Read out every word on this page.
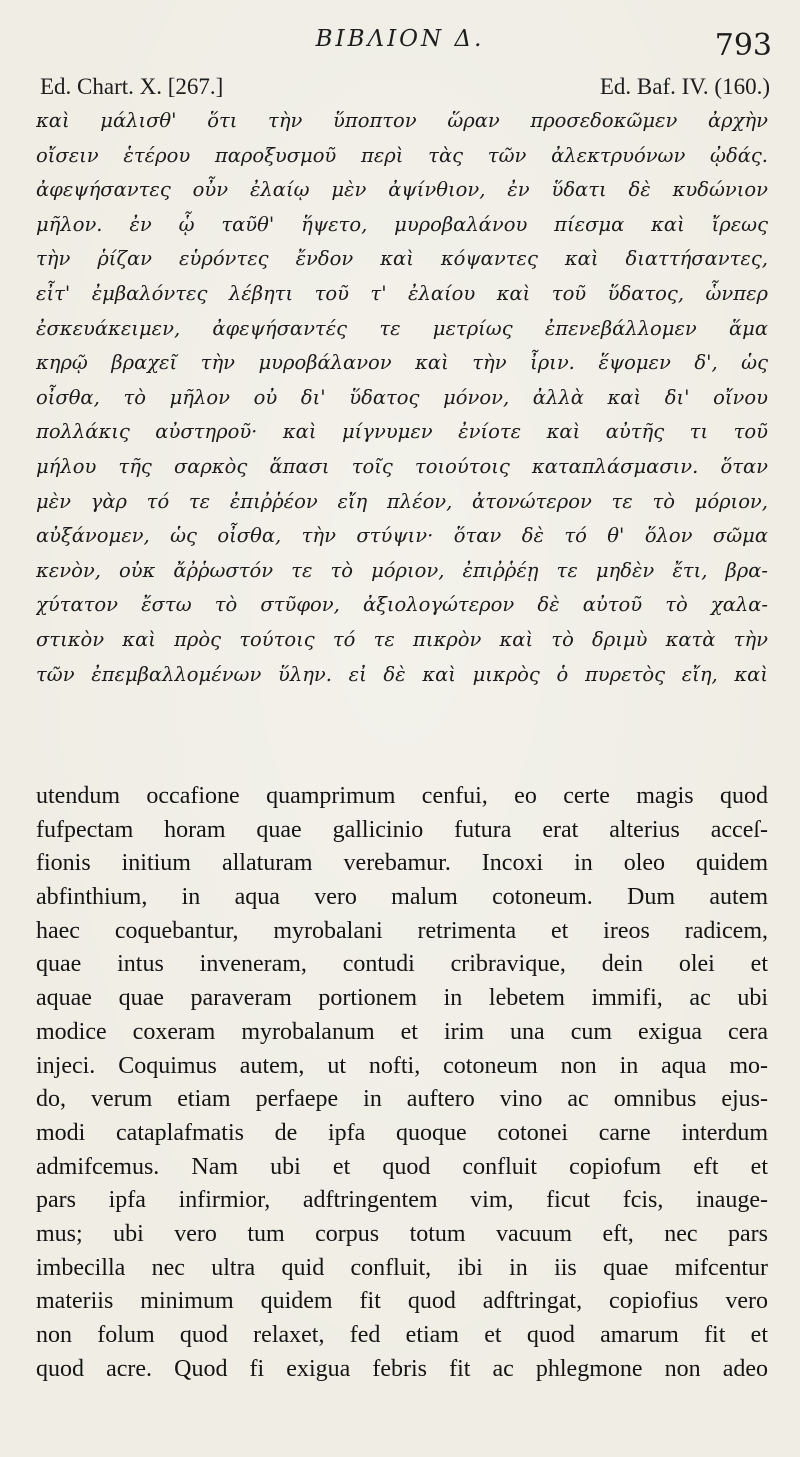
ΒΙΒΛΙΟΝ Δ.	793
Ed. Chart. X. [267.]	Ed. Baf. IV. (160.)
καὶ μάλισθ' ὅτι τὴν ὕποπτον ὥραν προσεδοκῶμεν ἀρχὴν
οἴσειν ἑτέρου παροξυσμοῦ περὶ τὰς τῶν ἀλεκτρυόνων ᾠδάς.
ἀφεψήσαντες οὖν ἐλαίῳ μὲν ἀψίνθιον, ἐν ὕδατι δὲ κυδώνιον
μῆλον. ἐν ᾧ ταῦθ' ἥψετο, μυροβαλάνου πίεσμα καὶ ἴρεως
τὴν ῥίζαν εὑρόντες ἔνδον καὶ κόψαντες καὶ διαττήσαντες,
εἶτ' ἐμβαλόντες λέβητι τοῦ τ' ἐλαίου καὶ τοῦ ὕδατος, ὧνπερ
ἐσκευάκειμεν, ἀφεψήσαντές τε μετρίως ἐπενεβάλλομεν ἅμα
κηρῷ βραχεῖ τὴν μυροβάλανον καὶ τὴν ἶριν. ἕψομεν δ', ὡς
οἶσθα, τὸ μῆλον οὐ δι' ὕδατος μόνον, ἀλλὰ καὶ δι' οἴνου
πολλάκις αὐστηροῦ· καὶ μίγνυμεν ἐνίοτε καὶ αὐτῆς τι τοῦ
μήλου τῆς σαρκὸς ἅπασι τοῖς τοιούτοις καταπλάσμασιν. ὅταν
μὲν γὰρ τό τε ἐπιῤῥέον εἴη πλέον, ἀτονώτερον τε τὸ μόριον,
αὐξάνομεν, ὡς οἶσθα, τὴν στύψιν· ὅταν δὲ τό θ' ὅλον σῶμα
κενὸν, οὐκ ἄῤῥωστόν τε τὸ μόριον, ἐπιῤῥέῃ τε μηδὲν ἔτι, βρα-
χύτατον ἔστω τὸ στῦφον, ἀξιολογώτερον δὲ αὐτοῦ τὸ χαλα-
στικὸν καὶ πρὸς τούτοις τό τε πικρὸν καὶ τὸ δριμὺ κατὰ τὴν
τῶν ἐπεμβαλλομένων ὕλην. εἰ δὲ καὶ μικρὸς ὁ πυρετὸς εἴη, καὶ
utendum occafione quamprimum cenfui, eo certe magis quod
fufpectam horam quae gallicinio futura erat alterius acceſ-
fionis initium allaturam verebamur. Incoxi in oleo quidem
abfinthium, in aqua vero malum cotoneum. Dum autem
haec coquebantur, myrobalani retrimenta et ireos radicem,
quae intus inveneram, contudi cribravique, dein olei et
aquae quae paraveram portionem in lebetem immifi, ac ubi
modice coxeram myrobalanum et irim una cum exigua cera
injeci. Coquimus autem, ut nofti, cotoneum non in aqua mo-
do, verum etiam perfaepe in auftero vino ac omnibus ejus-
modi cataplafmatis de ipfa quoque cotonei carne interdum
admifcemus. Nam ubi et quod confluit copiofum eft et
pars ipfa infirmior, adftringentem vim, ficut fcis, inauge-
mus; ubi vero tum corpus totum vacuum eft, nec pars
imbecilla nec ultra quid confluit, ibi in iis quae mifcentur
materiis minimum quidem fit quod adftringat, copiofius vero
non folum quod relaxet, fed etiam et quod amarum fit et
quod acre. Quod fi exigua febris fit ac phlegmone non adeo
